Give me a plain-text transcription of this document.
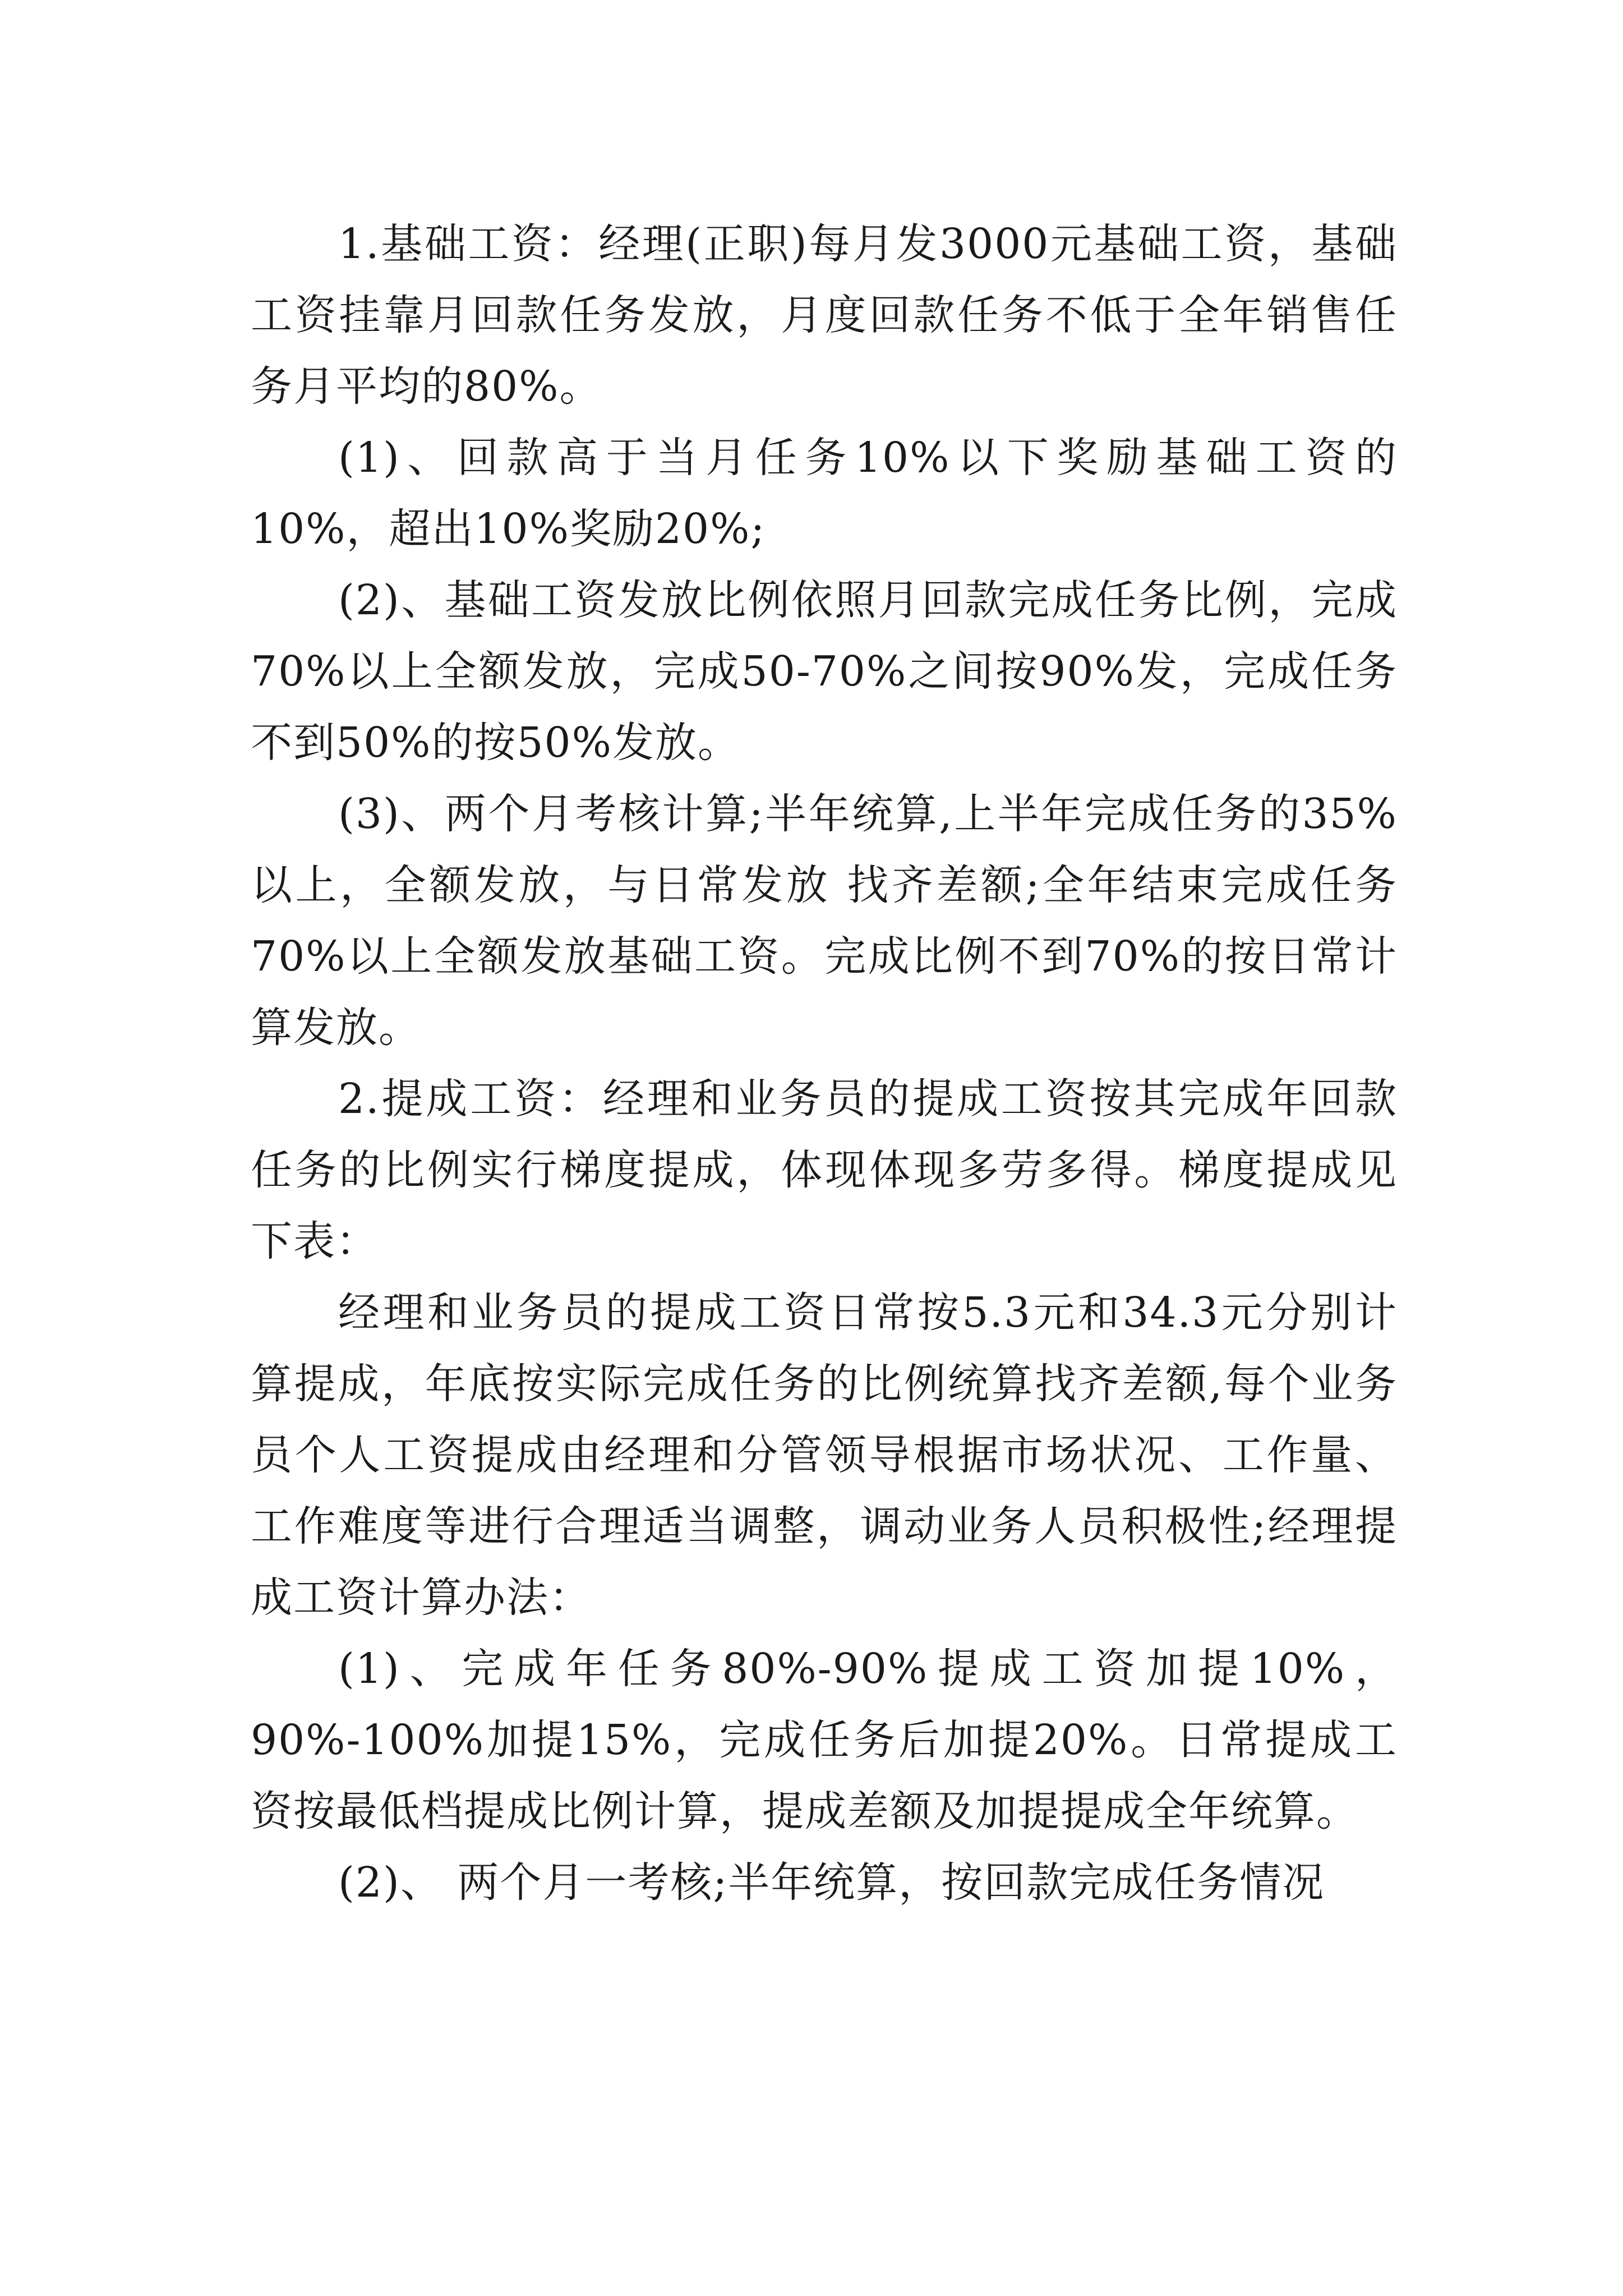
1.基础工资：经理(正职)每月发3000元基础工资，基础工资挂靠月回款任务发放，月度回款任务不低于全年销售任务月平均的80%。

(1)、回款高于当月任务10%以下奖励基础工资的10%，超出10%奖励20%;

(2)、基础工资发放比例依照月回款完成任务比例，完成70%以上全额发放，完成50-70%之间按90%发，完成任务不到50%的按50%发放。

(3)、两个月考核计算;半年统算,上半年完成任务的35%以上，全额发放，与日常发放 找齐差额;全年结束完成任务70%以上全额发放基础工资。完成比例不到70%的按日常计算发放。

2.提成工资：经理和业务员的提成工资按其完成年回款任务的比例实行梯度提成，体现体现多劳多得。梯度提成见下表：

经理和业务员的提成工资日常按5.3元和34.3元分别计算提成，年底按实际完成任务的比例统算找齐差额,每个业务员个人工资提成由经理和分管领导根据市场状况、工作量、工作难度等进行合理适当调整，调动业务人员积极性;经理提成工资计算办法：

(1)、完成年任务80%-90%提成工资加提10%，90%-100%加提15%，完成任务后加提20%。日常提成工资按最低档提成比例计算，提成差额及加提提成全年统算。

(2)、 两个月一考核;半年统算，按回款完成任务情况
